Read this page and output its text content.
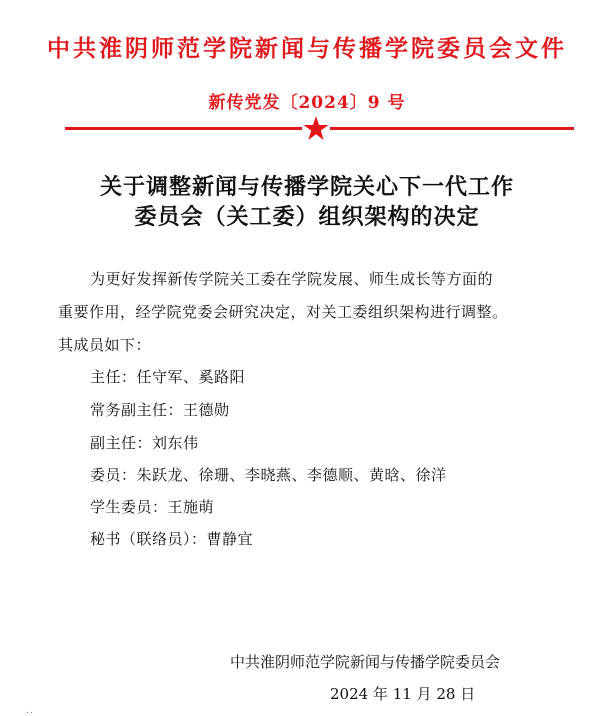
中共淮阴师范学院新闻与传播学院委员会文件
新传党发〔2024〕9 号
关于调整新闻与传播学院关心下一代工作
委员会（关工委）组织架构的决定
为更好发挥新传学院关工委在学院发展、师生成长等方面的
重要作用，经学院党委会研究决定，对关工委组织架构进行调整。
其成员如下：
主任：任守军、奚路阳
常务副主任：王德勋
副主任：刘东伟
委员：朱跃龙、徐珊、李晓燕、李德顺、黄晗、徐洋
学生委员：王施萌
秘书（联络员）：曹静宜
中共淮阴师范学院新闻与传播学院委员会
2024 年 11 月 28 日
..
